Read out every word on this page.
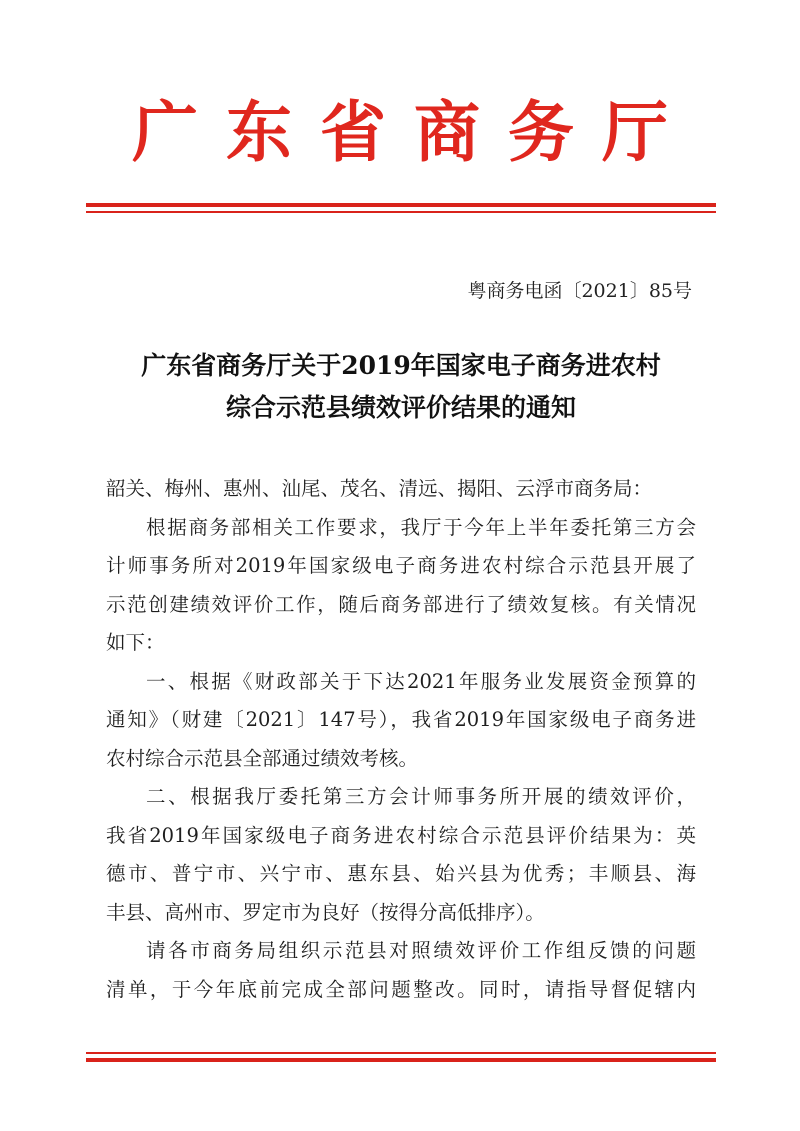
广东省商务厅
粤商务电函〔2021〕85号
广东省商务厅关于2019年国家电子商务进农村
综合示范县绩效评价结果的通知
韶关、梅州、惠州、汕尾、茂名、清远、揭阳、云浮市商务局：
根据商务部相关工作要求，我厅于今年上半年委托第三方会
计师事务所对2019年国家级电子商务进农村综合示范县开展了
示范创建绩效评价工作，随后商务部进行了绩效复核。有关情况
如下：
一、根据《财政部关于下达2021年服务业发展资金预算的
通知》（财建〔2021〕147号），我省2019年国家级电子商务进
农村综合示范县全部通过绩效考核。
二、根据我厅委托第三方会计师事务所开展的绩效评价，
我省2019年国家级电子商务进农村综合示范县评价结果为：英
德市、普宁市、兴宁市、惠东县、始兴县为优秀；丰顺县、海
丰县、高州市、罗定市为良好（按得分高低排序）。
请各市商务局组织示范县对照绩效评价工作组反馈的问题
清单，于今年底前完成全部问题整改。同时，请指导督促辖内
